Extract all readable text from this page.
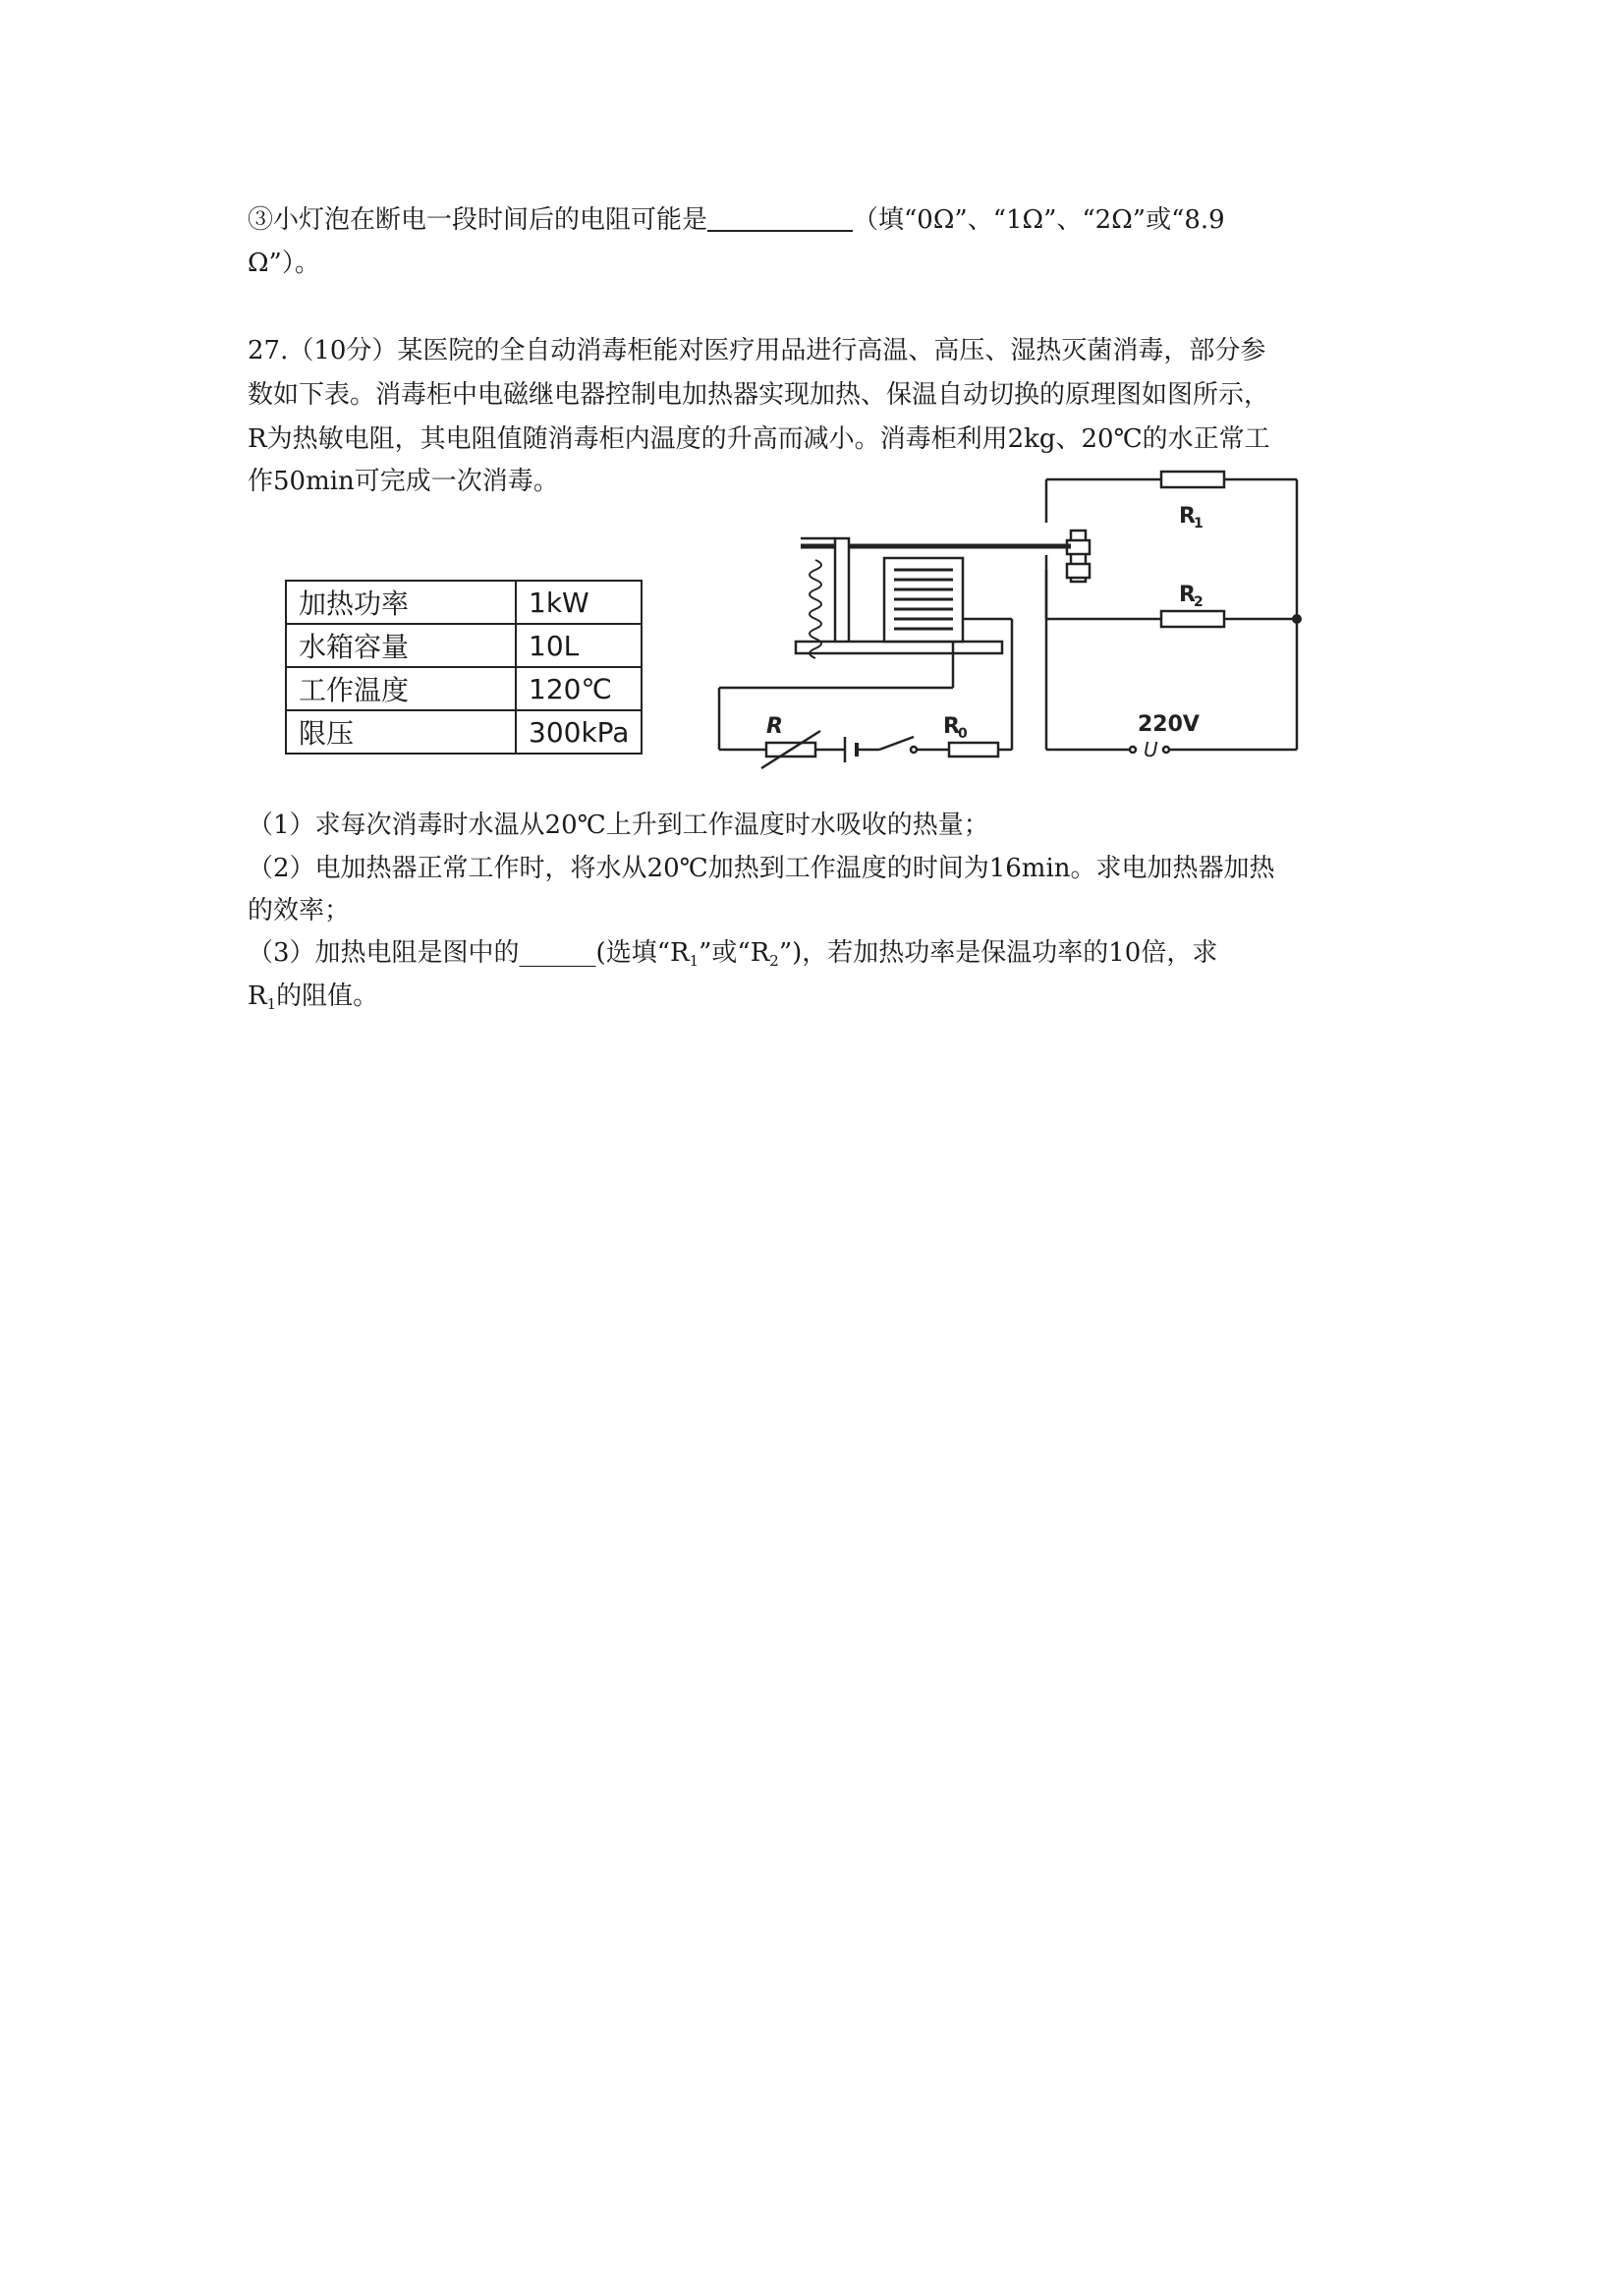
③小灯泡在断电一段时间后的电阻可能是	（填“0Ω”、“1Ω”、“2Ω”或“8.9
Ω”）。
27.（10分）某医院的全自动消毒柜能对医疗用品进行高温、高压、湿热灭菌消毒，部分参
数如下表。消毒柜中电磁继电器控制电加热器实现加热、保温自动切换的原理图如图所示，
R为热敏电阻，其电阻值随消毒柜内温度的升高而减小。消毒柜利用2kg、20℃的水正常工
作50min可完成一次消毒。
加热功率	1kW
水箱容量	10L
工作温度	120℃
限压	300kPa
R
1
R
2
R
0
R	220V
U
（1）求每次消毒时水温从20℃上升到工作温度时水吸收的热量；
（2）电加热器正常工作时，将水从20℃加热到工作温度的时间为16min。求电加热器加热
的效率；
（3）加热电阻是图中的______(选填“$R_1$”或“$R_2$”)，若加热功率是保温功率的10倍，求
$R_1$的阻值。
